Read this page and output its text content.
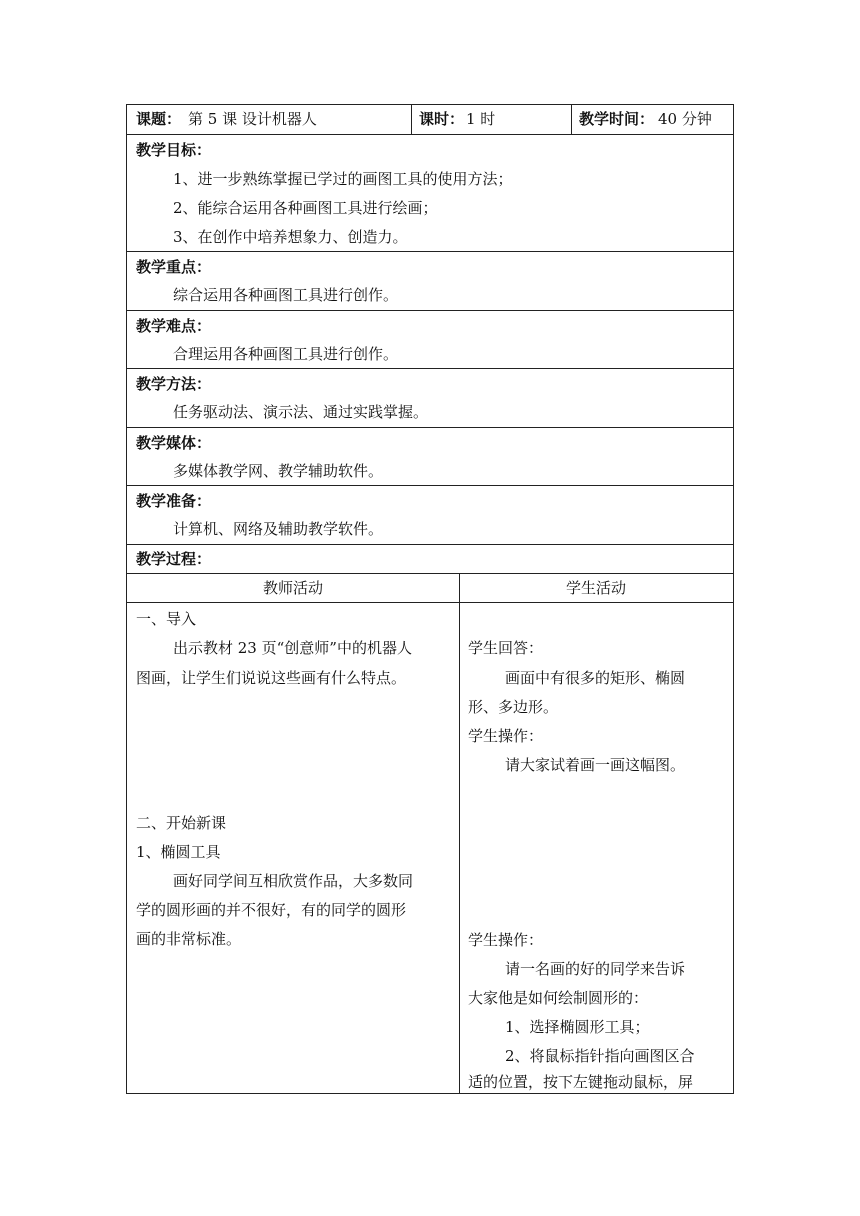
课题： 第 5 课 设计机器人	课时： 1 时	教学时间： 40 分钟
教学目标：
1、进一步熟练掌握已学过的画图工具的使用方法；
2、能综合运用各种画图工具进行绘画；
3、在创作中培养想象力、创造力。
教学重点：
综合运用各种画图工具进行创作。
教学难点：
合理运用各种画图工具进行创作。
教学方法：
任务驱动法、演示法、通过实践掌握。
教学媒体：
多媒体教学网、教学辅助软件。
教学准备：
计算机、网络及辅助教学软件。
教学过程：
教师活动	学生活动
一、导入
出示教材 23 页“创意师”中的机器人
图画，让学生们说说这些画有什么特点。
二、开始新课
1、椭圆工具
画好同学间互相欣赏作品，大多数同
学的圆形画的并不很好，有的同学的圆形
画的非常标准。
学生回答：
画面中有很多的矩形、椭圆
形、多边形。
学生操作：
请大家试着画一画这幅图。
学生操作：
请一名画的好的同学来告诉
大家他是如何绘制圆形的：
1、选择椭圆形工具；
2、将鼠标指针指向画图区合
适的位置，按下左键拖动鼠标，屏
